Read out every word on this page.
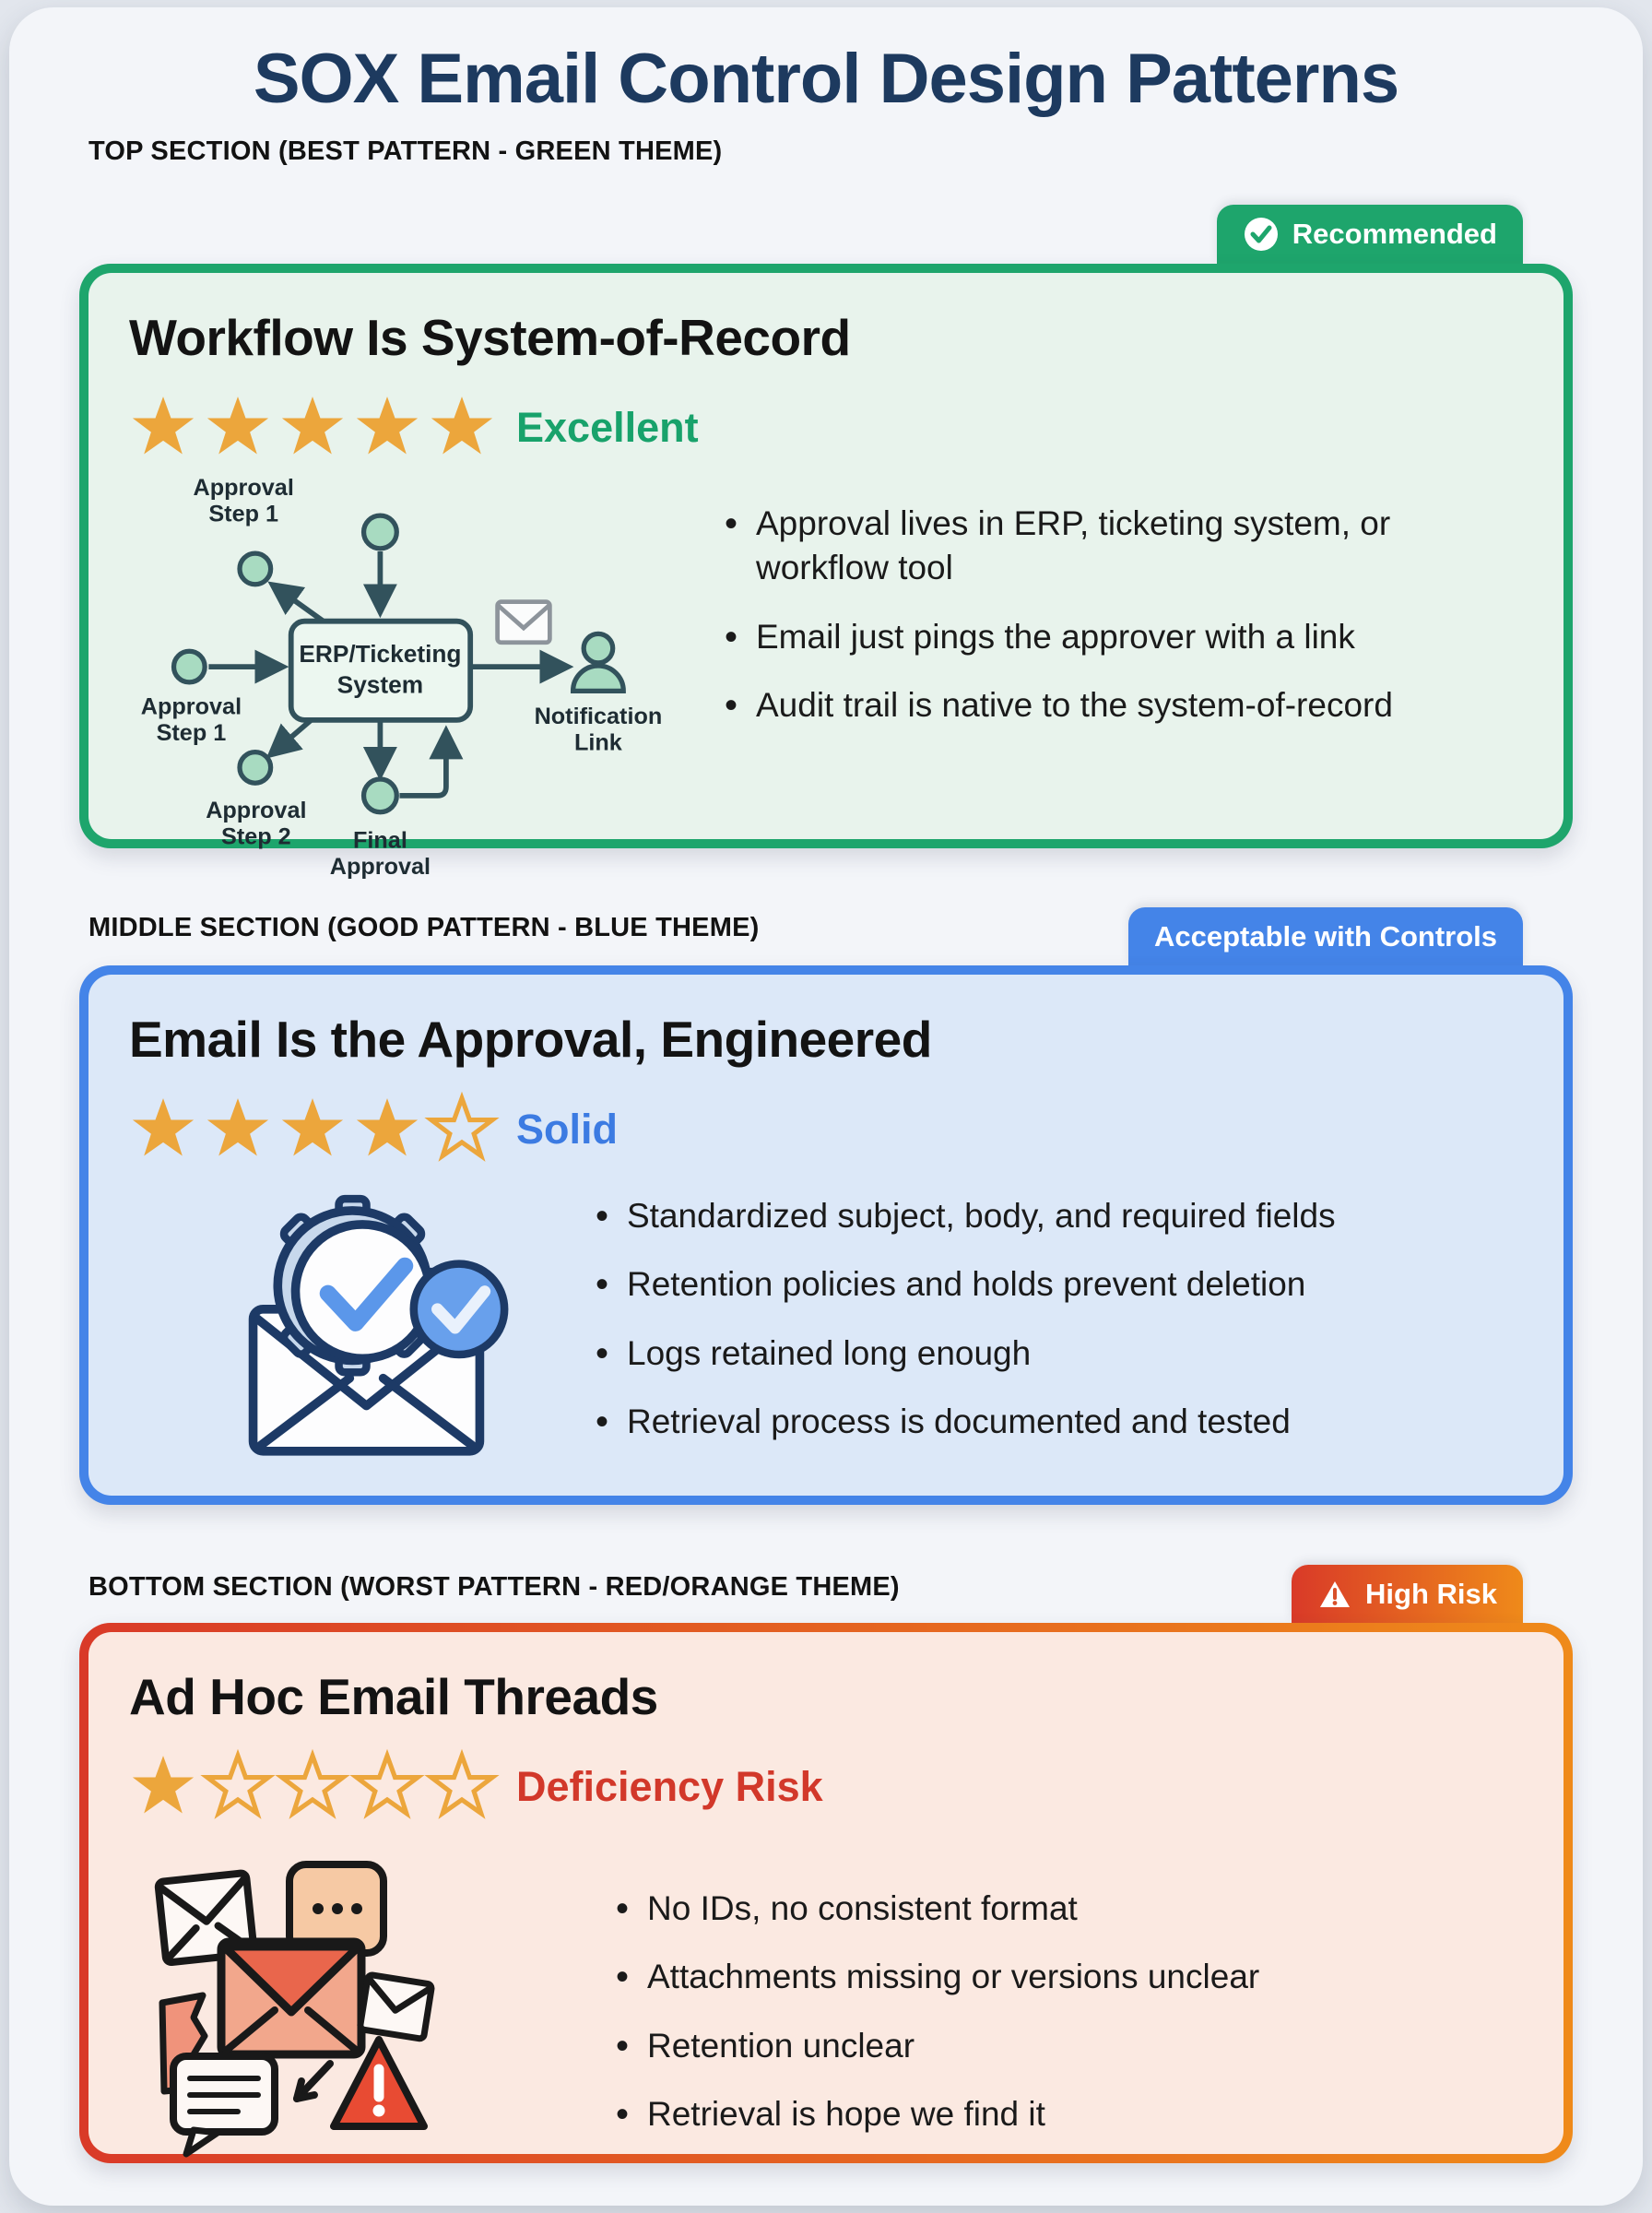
SOX Email Control Design Patterns
TOP SECTION (BEST PATTERN - GREEN THEME)
Recommended
Workflow Is System-of-Record
Excellent
Approval
Step 1
ERP/Ticketing
System
Approval
Step 1
Approval
Step 2	Final
Approval
Notification
Link
• Approval lives in ERP, ticketing system, or workflow tool
• Email just pings the approver with a link
• Audit trail is native to the system-of-record
MIDDLE SECTION (GOOD PATTERN - BLUE THEME)	Acceptable with Controls
Email Is the Approval, Engineered
Solid
• Standardized subject, body, and required fields
• Retention policies and holds prevent deletion
• Logs retained long enough
• Retrieval process is documented and tested
BOTTOM SECTION (WORST PATTERN - RED/ORANGE THEME)	High Risk
Ad Hoc Email Threads
Deficiency Risk
• No IDs, no consistent format
• Attachments missing or versions unclear
• Retention unclear
• Retrieval is hope we find it
